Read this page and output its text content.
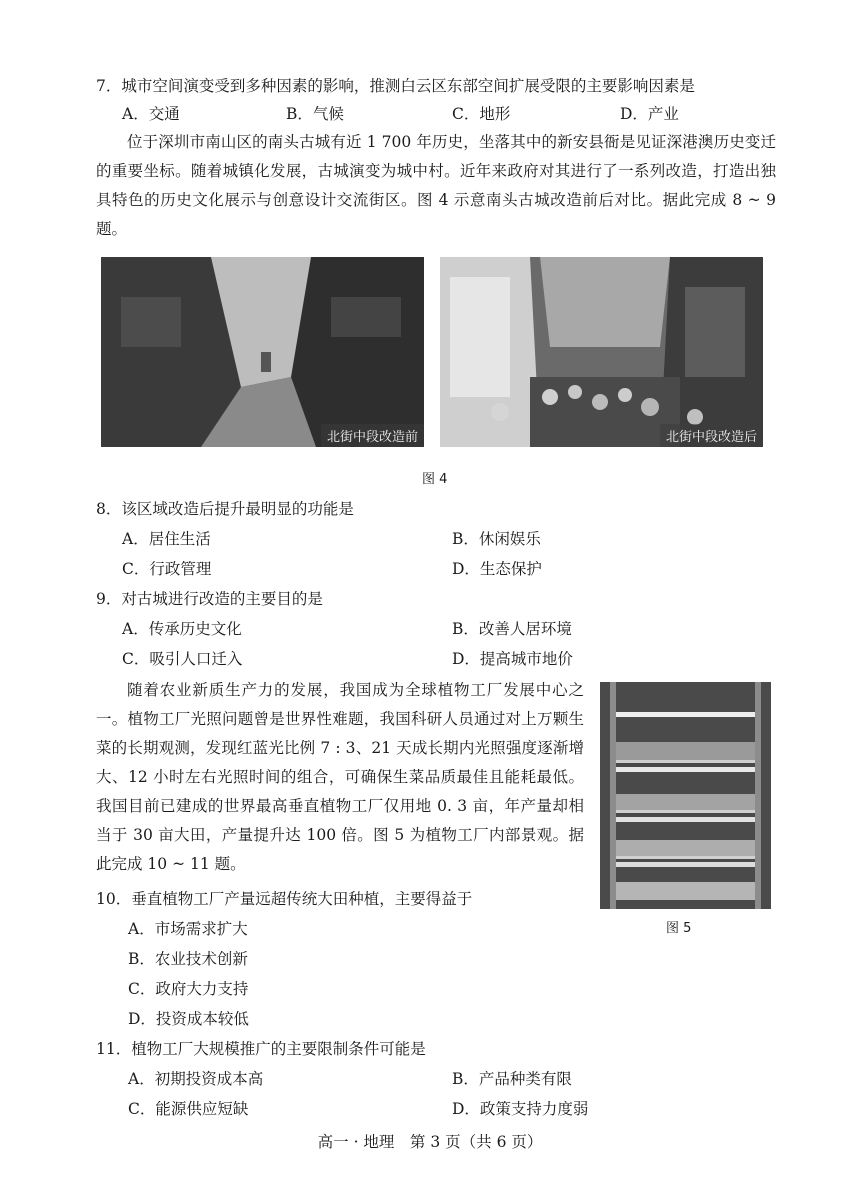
7．城市空间演变受到多种因素的影响，推测白云区东部空间扩展受限的主要影响因素是
A．交通	B．气候	C．地形	D．产业
位于深圳市南山区的南头古城有近 1 700 年历史，坐落其中的新安县衙是见证深港澳历史变迁的重要坐标。随着城镇化发展，古城演变为城中村。近年来政府对其进行了一系列改造，打造出独具特色的历史文化展示与创意设计交流街区。图 4 示意南头古城改造前后对比。据此完成 8 ~ 9 题。
北街中段改造前	北街中段改造后
图 4
8．该区域改造后提升最明显的功能是
A．居住生活	B．休闲娱乐
C．行政管理	D．生态保护
9．对古城进行改造的主要目的是
A．传承历史文化	B．改善人居环境
C．吸引人口迁入	D．提高城市地价
随着农业新质生产力的发展，我国成为全球植物工厂发展中心之一。植物工厂光照问题曾是世界性难题，我国科研人员通过对上万颗生菜的长期观测，发现红蓝光比例 7 : 3、21 天成长期内光照强度逐渐增大、12 小时左右光照时间的组合，可确保生菜品质最佳且能耗最低。我国目前已建成的世界最高垂直植物工厂仅用地 0. 3 亩，年产量却相当于 30 亩大田，产量提升达 100 倍。图 5 为植物工厂内部景观。据此完成 10 ~ 11 题。
图 5
10．垂直植物工厂产量远超传统大田种植，主要得益于
A．市场需求扩大
B．农业技术创新
C．政府大力支持
D．投资成本较低
11．植物工厂大规模推广的主要限制条件可能是
A．初期投资成本高	B．产品种类有限
C．能源供应短缺	D．政策支持力度弱
高一 · 地理　第 3 页（共 6 页）
